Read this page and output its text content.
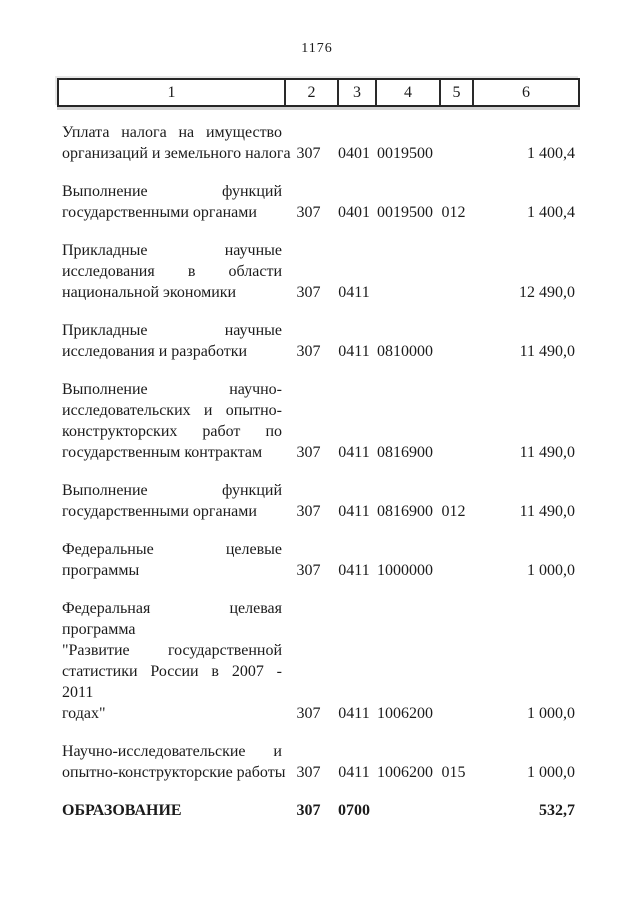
1176
1	2	3	4	5	6
Уплата налога на имущество
организаций и земельного налога	307	0401	0019500		1 400,4

Выполнение функций
государственными органами	307	0401	0019500	012	1 400,4

Прикладные научные
исследования в области
национальной экономики	307	0411			12 490,0

Прикладные научные
исследования и разработки	307	0411	0810000		11 490,0

Выполнение научно-
исследовательских и опытно-
конструкторских работ по
государственным контрактам	307	0411	0816900		11 490,0

Выполнение функций
государственными органами	307	0411	0816900	012	11 490,0

Федеральные целевые
программы	307	0411	1000000		1 000,0

Федеральная целевая программа
"Развитие государственной
статистики России в 2007 - 2011
годах"	307	0411	1006200		1 000,0

Научно-исследовательские и
опытно-конструкторские работы	307	0411	1006200	015	1 000,0

ОБРАЗОВАНИЕ	307	0700			532,7
